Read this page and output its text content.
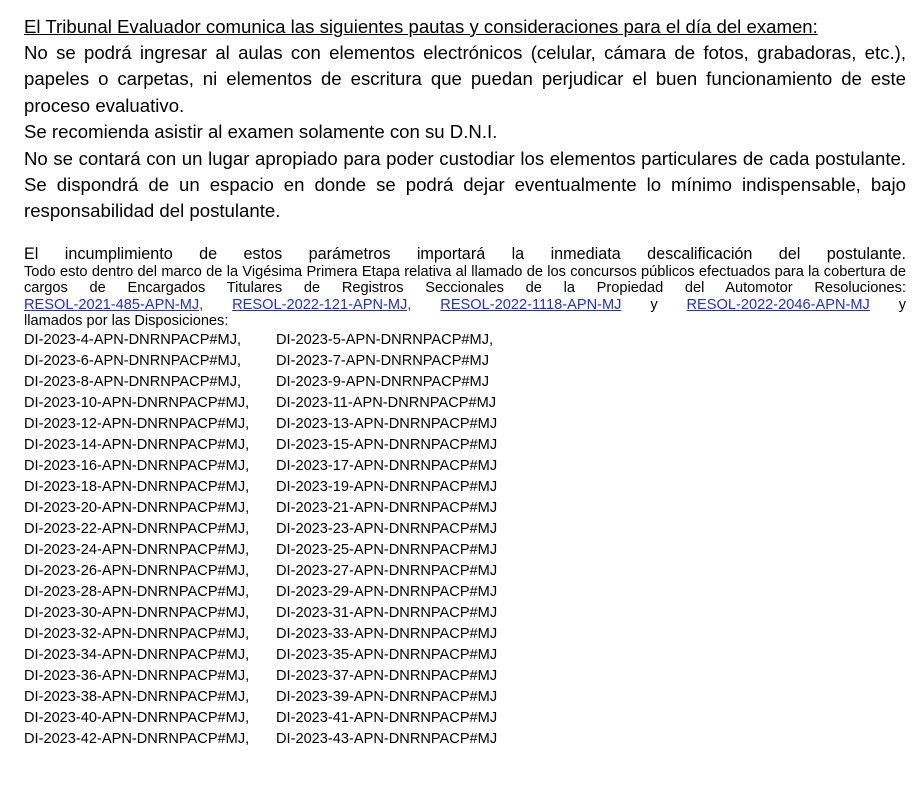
El Tribunal Evaluador comunica las siguientes pautas y consideraciones para el día del examen:

No se podrá ingresar al aulas con elementos electrónicos (celular, cámara de fotos, grabadoras, etc.), papeles o carpetas, ni elementos de escritura que puedan perjudicar el buen funcionamiento de este proceso evaluativo.

Se recomienda asistir al examen solamente con su D.N.I.

No se contará con un lugar apropiado para poder custodiar los elementos particulares de cada postulante. Se dispondrá de un espacio en donde se podrá dejar eventualmente lo mínimo indispensable, bajo responsabilidad del postulante.

El incumplimiento de estos parámetros importará la inmediata descalificación del postulante.

Todo esto dentro del marco de la Vigésima Primera Etapa relativa al llamado de los concursos públicos efectuados para la cobertura de cargos de Encargados Titulares de Registros Seccionales de la Propiedad del Automotor Resoluciones:

RESOL-2021-485-APN-MJ, RESOL-2022-121-APN-MJ, RESOL-2022-1118-APN-MJ y RESOL-2022-2046-APN-MJ y

llamados por las Disposiciones:

DI-2023-4-APN-DNRNPACP#MJ, DI-2023-5-APN-DNRNPACP#MJ,
DI-2023-6-APN-DNRNPACP#MJ, DI-2023-7-APN-DNRNPACP#MJ
DI-2023-8-APN-DNRNPACP#MJ, DI-2023-9-APN-DNRNPACP#MJ
DI-2023-10-APN-DNRNPACP#MJ, DI-2023-11-APN-DNRNPACP#MJ
DI-2023-12-APN-DNRNPACP#MJ, DI-2023-13-APN-DNRNPACP#MJ
DI-2023-14-APN-DNRNPACP#MJ, DI-2023-15-APN-DNRNPACP#MJ
DI-2023-16-APN-DNRNPACP#MJ, DI-2023-17-APN-DNRNPACP#MJ
DI-2023-18-APN-DNRNPACP#MJ, DI-2023-19-APN-DNRNPACP#MJ
DI-2023-20-APN-DNRNPACP#MJ, DI-2023-21-APN-DNRNPACP#MJ
DI-2023-22-APN-DNRNPACP#MJ, DI-2023-23-APN-DNRNPACP#MJ
DI-2023-24-APN-DNRNPACP#MJ, DI-2023-25-APN-DNRNPACP#MJ
DI-2023-26-APN-DNRNPACP#MJ, DI-2023-27-APN-DNRNPACP#MJ
DI-2023-28-APN-DNRNPACP#MJ, DI-2023-29-APN-DNRNPACP#MJ
DI-2023-30-APN-DNRNPACP#MJ, DI-2023-31-APN-DNRNPACP#MJ
DI-2023-32-APN-DNRNPACP#MJ, DI-2023-33-APN-DNRNPACP#MJ
DI-2023-34-APN-DNRNPACP#MJ, DI-2023-35-APN-DNRNPACP#MJ
DI-2023-36-APN-DNRNPACP#MJ, DI-2023-37-APN-DNRNPACP#MJ
DI-2023-38-APN-DNRNPACP#MJ, DI-2023-39-APN-DNRNPACP#MJ
DI-2023-40-APN-DNRNPACP#MJ, DI-2023-41-APN-DNRNPACP#MJ
DI-2023-42-APN-DNRNPACP#MJ, DI-2023-43-APN-DNRNPACP#MJ
